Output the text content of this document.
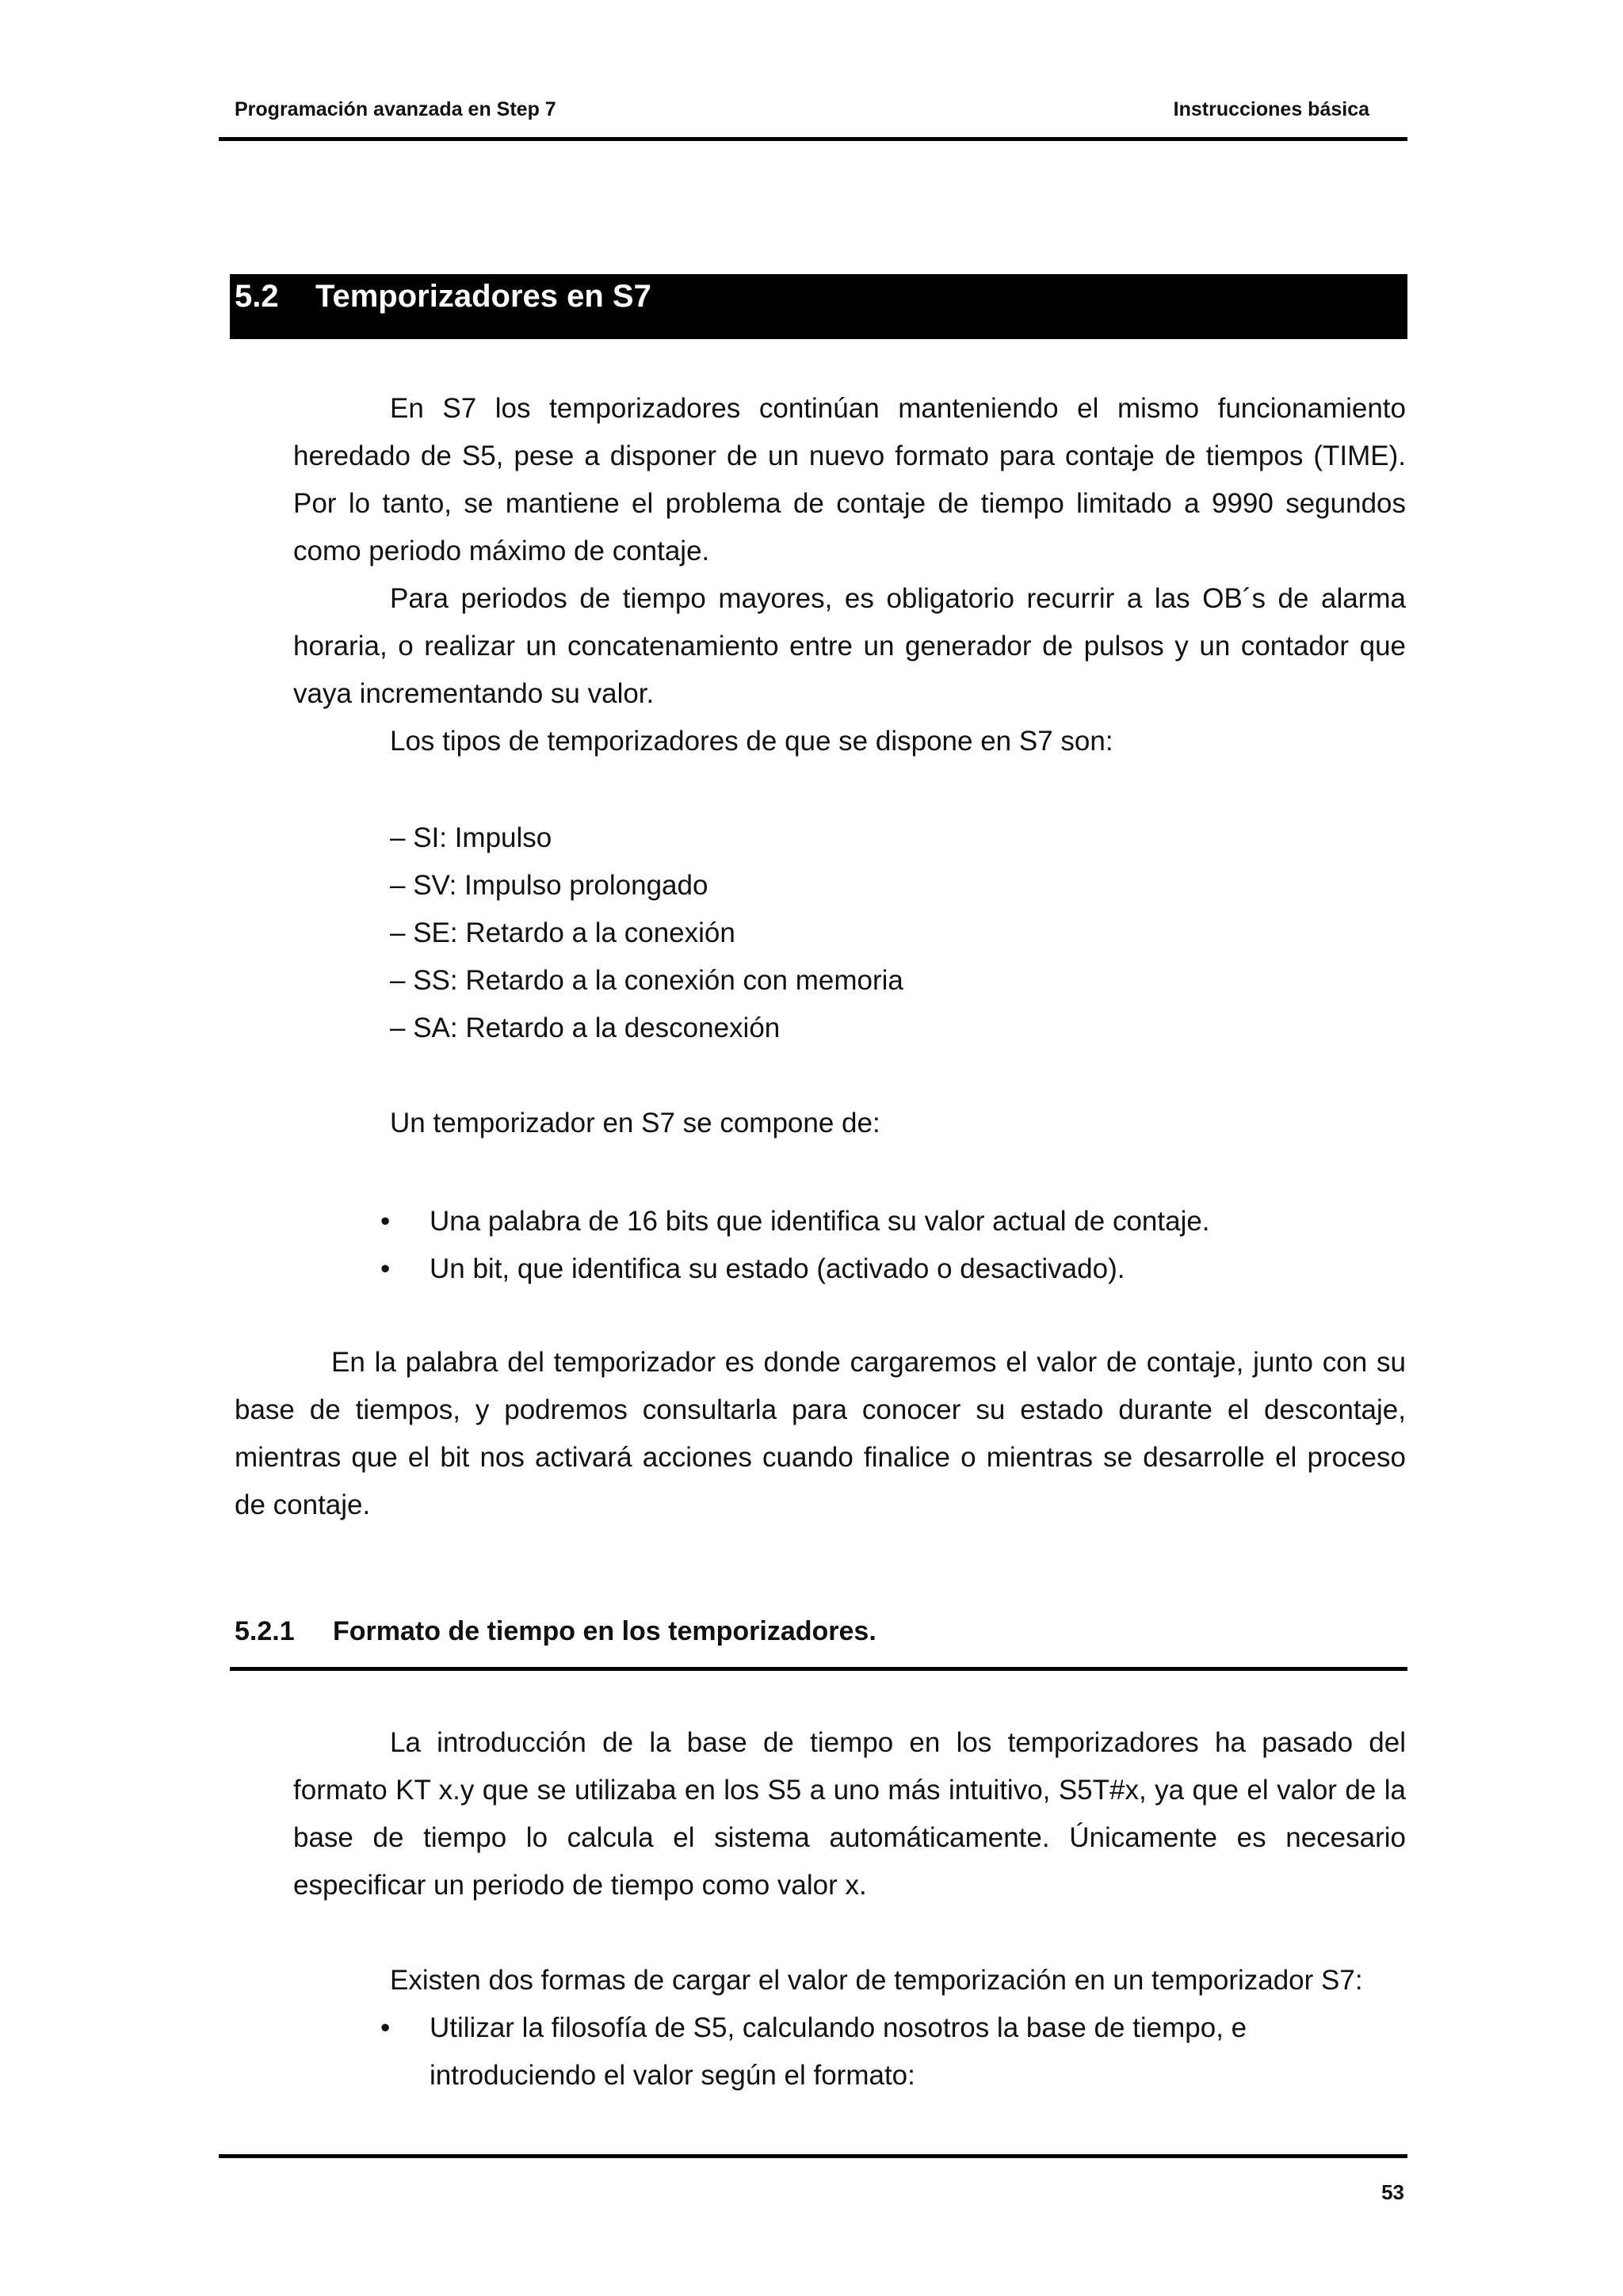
Programación avanzada en Step 7	Instrucciones básica
5.2 Temporizadores en S7

En S7 los temporizadores continúan manteniendo el mismo funcionamiento heredado de S5, pese a disponer de un nuevo formato para contaje de tiempos (TIME). Por lo tanto, se mantiene el problema de contaje de tiempo limitado a 9990 segundos como periodo máximo de contaje.

Para periodos de tiempo mayores, es obligatorio recurrir a las OB´s de alarma horaria, o realizar un concatenamiento entre un generador de pulsos y un contador que vaya incrementando su valor.

Los tipos de temporizadores de que se dispone en S7 son:

– SI: Impulso
– SV: Impulso prolongado
– SE: Retardo a la conexión
– SS: Retardo a la conexión con memoria
– SA: Retardo a la desconexión

Un temporizador en S7 se compone de:

• Una palabra de 16 bits que identifica su valor actual de contaje.
• Un bit, que identifica su estado (activado o desactivado).

En la palabra del temporizador es donde cargaremos el valor de contaje, junto con su base de tiempos, y podremos consultarla para conocer su estado durante el descontaje, mientras que el bit nos activará acciones cuando finalice o mientras se desarrolle el proceso de contaje.

5.2.1 Formato de tiempo en los temporizadores.

La introducción de la base de tiempo en los temporizadores ha pasado del formato KT x.y que se utilizaba en los S5 a uno más intuitivo, S5T#x, ya que el valor de la base de tiempo lo calcula el sistema automáticamente. Únicamente es necesario especificar un periodo de tiempo como valor x.

Existen dos formas de cargar el valor de temporización en un temporizador S7:

• Utilizar la filosofía de S5, calculando nosotros la base de tiempo, e introduciendo el valor según el formato:
53
